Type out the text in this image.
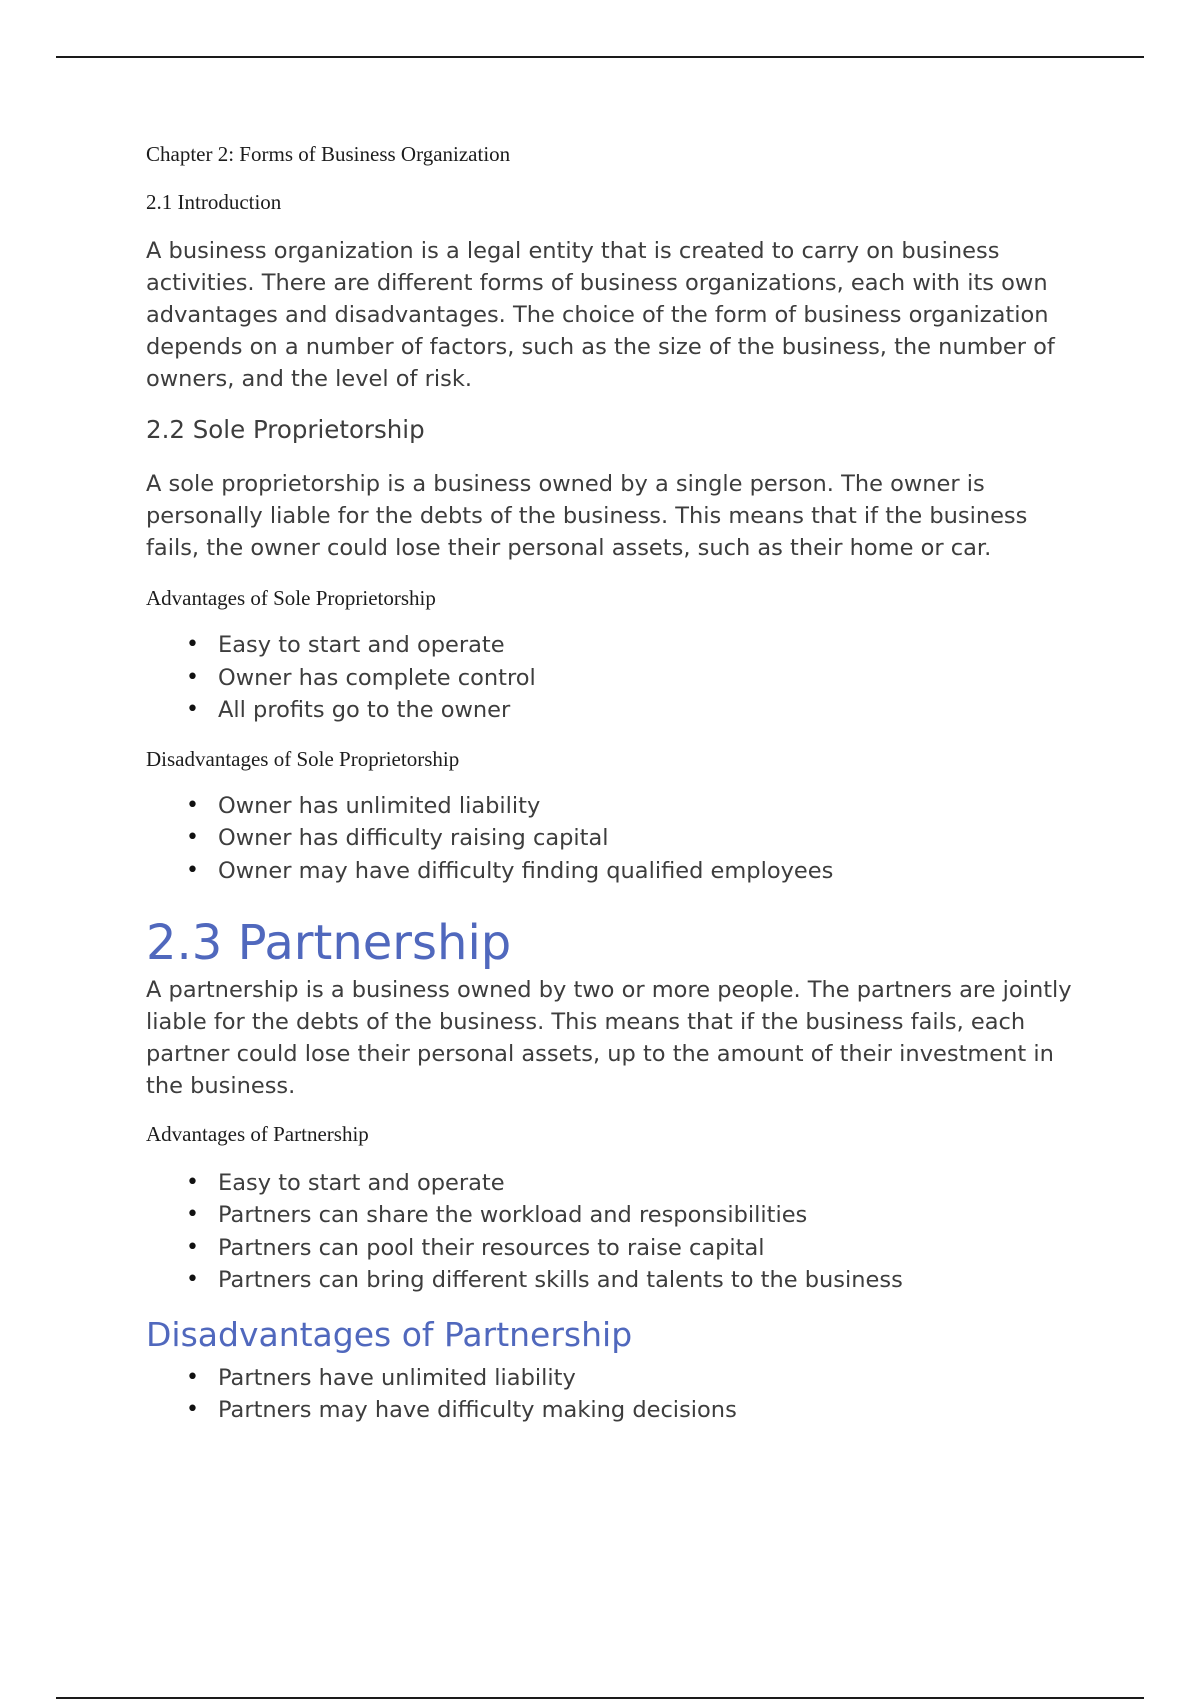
Chapter 2: Forms of Business Organization

2.1 Introduction

A business organization is a legal entity that is created to carry on business activities. There are different forms of business organizations, each with its own advantages and disadvantages. The choice of the form of business organization depends on a number of factors, such as the size of the business, the number of owners, and the level of risk.

2.2 Sole Proprietorship

A sole proprietorship is a business owned by a single person. The owner is personally liable for the debts of the business. This means that if the business fails, the owner could lose their personal assets, such as their home or car.

Advantages of Sole Proprietorship

• Easy to start and operate
• Owner has complete control
• All profits go to the owner

Disadvantages of Sole Proprietorship

• Owner has unlimited liability
• Owner has difficulty raising capital
• Owner may have difficulty finding qualified employees
2.3 Partnership

A partnership is a business owned by two or more people. The partners are jointly liable for the debts of the business. This means that if the business fails, each partner could lose their personal assets, up to the amount of their investment in the business.

Advantages of Partnership

• Easy to start and operate
• Partners can share the workload and responsibilities
• Partners can pool their resources to raise capital
• Partners can bring different skills and talents to the business
Disadvantages of Partnership
• Partners have unlimited liability
• Partners may have difficulty making decisions
